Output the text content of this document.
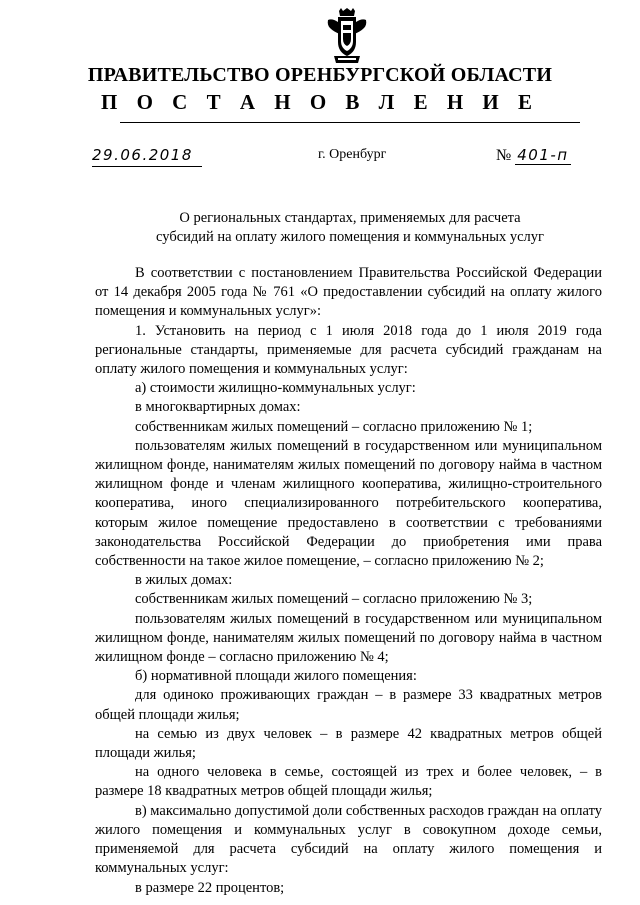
ПРАВИТЕЛЬСТВО ОРЕНБУРГСКОЙ ОБЛАСТИ
П О С Т А Н О В Л Е Н И Е
29.06.2018	г. Оренбург	№ 401-п
О региональных стандартах, применяемых для расчета
субсидий на оплату жилого помещения и коммунальных услуг

В соответствии с постановлением Правительства Российской Федерации от 14 декабря 2005 года № 761 «О предоставлении субсидий на оплату жилого помещения и коммунальных услуг»:

1. Установить на период с 1 июля 2018 года до 1 июля 2019 года региональные стандарты, применяемые для расчета субсидий гражданам на оплату жилого помещения и коммунальных услуг:

а) стоимости жилищно-коммунальных услуг:

в многоквартирных домах:

собственникам жилых помещений – согласно приложению № 1;

пользователям жилых помещений в государственном или муниципальном жилищном фонде, нанимателям жилых помещений по договору найма в частном жилищном фонде и членам жилищного кооператива, жилищно-строительного кооператива, иного специализированного потребительского кооператива, которым жилое помещение предоставлено в соответствии с требованиями законодательства Российской Федерации до приобретения ими права собственности на такое жилое помещение, – согласно приложению № 2;

в жилых домах:

собственникам жилых помещений – согласно приложению № 3;

пользователям жилых помещений в государственном или муниципальном жилищном фонде, нанимателям жилых помещений по договору найма в частном жилищном фонде – согласно приложению № 4;

б) нормативной площади жилого помещения:

для одиноко проживающих граждан – в размере 33 квадратных метров общей площади жилья;

на семью из двух человек – в размере 42 квадратных метров общей площади жилья;

на одного человека в семье, состоящей из трех и более человек, – в размере 18 квадратных метров общей площади жилья;

в) максимально допустимой доли собственных расходов граждан на оплату жилого помещения и коммунальных услуг в совокупном доходе семьи, применяемой для расчета субсидий на оплату жилого помещения и коммунальных услуг:

в размере 22 процентов;
